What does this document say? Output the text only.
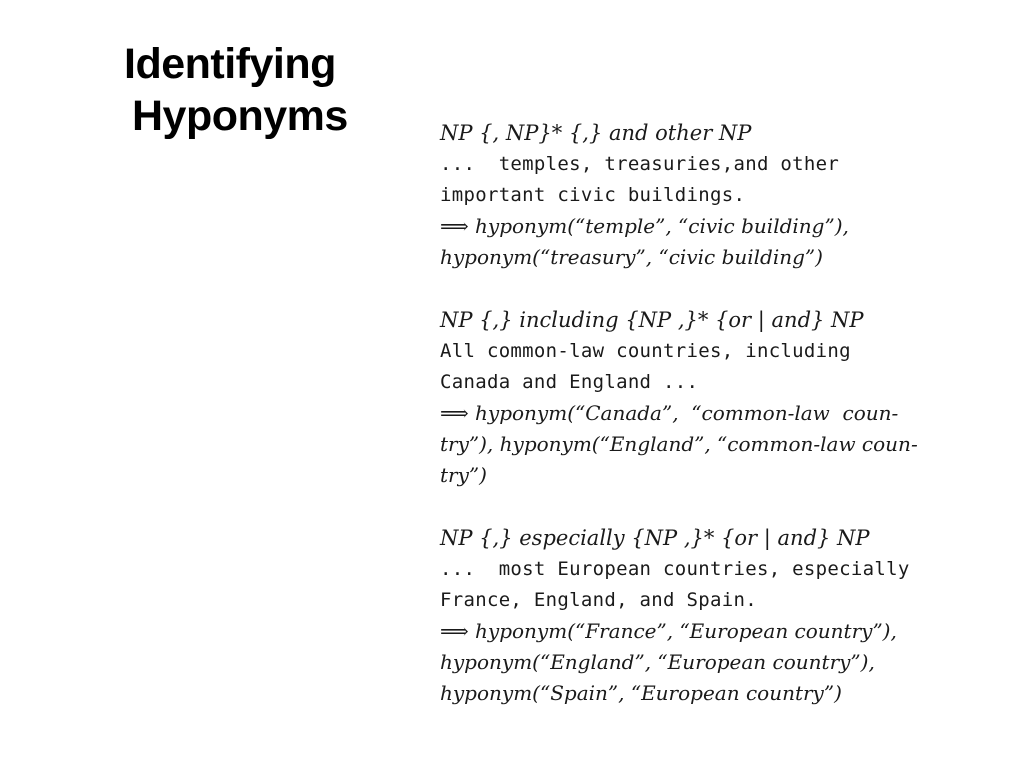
Identifying
Hyponyms	NP {, NP}* {,} and other NP
...  temples, treasuries,and other
important civic buildings.
⟹ hyponym(“temple”, “civic building”),
hyponym(“treasury”, “civic building”)
NP {,} including {NP ,}* {or | and} NP
All common-law countries, including
Canada and England ...
⟹ hyponym(“Canada”,  “common-law  coun-
try”), hyponym(“England”, “common-law coun-
try”)
NP {,} especially {NP ,}* {or | and} NP
...  most European countries, especially
France, England, and Spain.
⟹ hyponym(“France”, “European country”),
hyponym(“England”, “European country”),
hyponym(“Spain”, “European country”)
